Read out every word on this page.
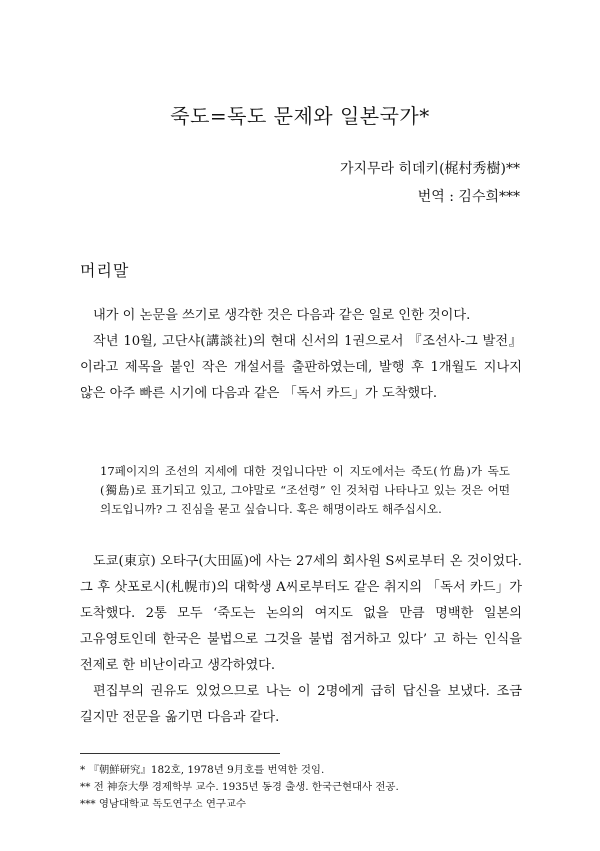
죽도=독도 문제와 일본국가*
가지무라 히데키(梶村秀樹)**
번역 : 김수희***
머리말

내가 이 논문을 쓰기로 생각한 것은 다음과 같은 일로 인한 것이다.

작년 10월, 고단샤(講談社)의 현대 신서의 1권으로서 『조선사-그 발전』이라고 제목을 붙인 작은 개설서를 출판하였는데, 발행 후 1개월도 지나지 않은 아주 빠른 시기에 다음과 같은 「독서 카드」가 도착했다.

17페이지의 조선의 지세에 대한 것입니다만 이 지도에서는 죽도(竹島)가 독도(獨島)로 표기되고 있고, 그야말로 “조선령” 인 것처럼 나타나고 있는 것은 어떤 의도입니까? 그 진심을 묻고 싶습니다. 혹은 해명이라도 해주십시오.

도쿄(東京) 오타구(大田區)에 사는 27세의 회사원 S씨로부터 온 것이었다. 그 후 삿포로시(札幌市)의 대학생 A씨로부터도 같은 취지의 「독서 카드」가 도착했다. 2통 모두 ‘죽도는 논의의 여지도 없을 만큼 명백한 일본의 고유영토인데 한국은 불법으로 그것을 불법 점거하고 있다’ 고 하는 인식을 전제로 한 비난이라고 생각하였다.

편집부의 권유도 있었으므로 나는 이 2명에게 급히 답신을 보냈다. 조금 길지만 전문을 옮기면 다음과 같다.

* 『朝鮮研究』182호, 1978년 9月호를 번역한 것임.
** 전 神奈大學 경제학부 교수. 1935년 동경 출생. 한국근현대사 전공.
*** 영남대학교 독도연구소 연구교수
